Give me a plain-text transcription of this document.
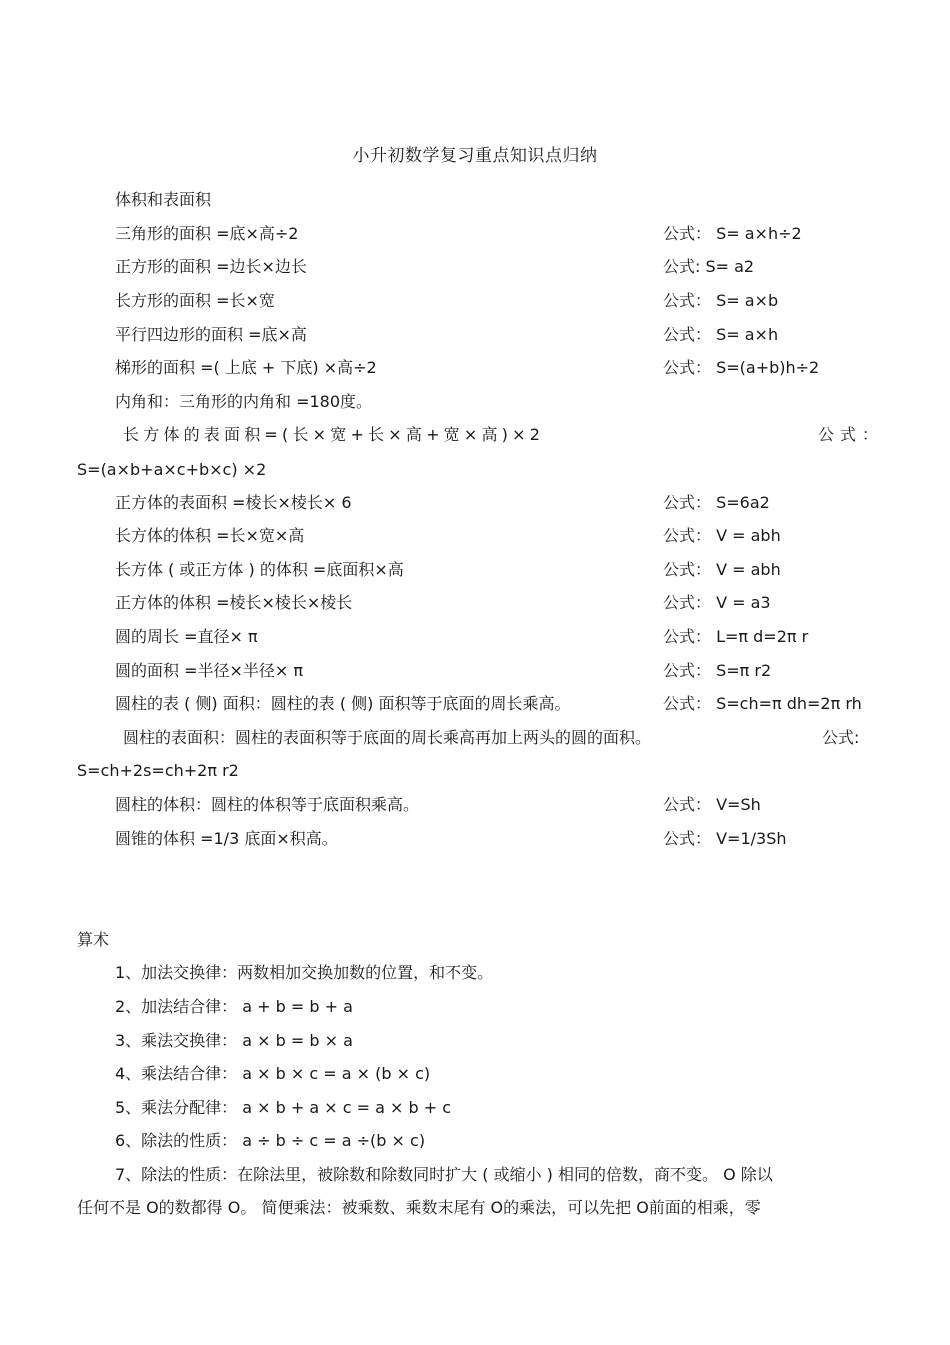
小升初数学复习重点知识点归纳
体积和表面积
三角形的面积 =底×高÷2	公式： S= a×h÷2
正方形的面积 =边长×边长	公式: S= a2
长方形的面积 =长×宽	公式： S= a×b
平行四边形的面积 =底×高	公式： S= a×h
梯形的面积 =( 上底 + 下底) ×高÷2	公式： S=(a+b)h÷2
内角和：三角形的内角和 =180度。
长方体的表面积=(长×宽+长×高+宽×高)×2	公式：
S=(a×b+a×c+b×c) ×2
正方体的表面积 =棱长×棱长× 6	公式： S=6a2
长方体的体积 =长×宽×高	公式： V = abh
长方体 ( 或正方体 ) 的体积 =底面积×高	公式： V = abh
正方体的体积 =棱长×棱长×棱长	公式： V = a3
圆的周长 =直径× π	公式： L=π d=2π r
圆的面积 =半径×半径× π	公式： S=π r2
圆柱的表 ( 侧) 面积：圆柱的表 ( 侧) 面积等于底面的周长乘高。	公式： S=ch=π dh=2π rh
圆柱的表面积：圆柱的表面积等于底面的周长乘高再加上两头的圆的面积。	公式:
S=ch+2s=ch+2π r2
圆柱的体积：圆柱的体积等于底面积乘高。	公式： V=Sh
圆锥的体积 =1/3 底面×积高。	公式： V=1/3Sh
算术
1、加法交换律：两数相加交换加数的位置，和不变。
2、加法结合律： a + b = b + a
3、乘法交换律： a × b = b × a
4、乘法结合律： a × b × c = a × (b × c)
5、乘法分配律： a × b + a × c = a × b + c
6、除法的性质： a ÷ b ÷ c = a ÷(b × c)
7、除法的性质：在除法里，被除数和除数同时扩大 ( 或缩小 ) 相同的倍数，商不变。 O 除以
任何不是 O的数都得 O。 简便乘法：被乘数、乘数末尾有 O的乘法，可以先把 O前面的相乘，零
